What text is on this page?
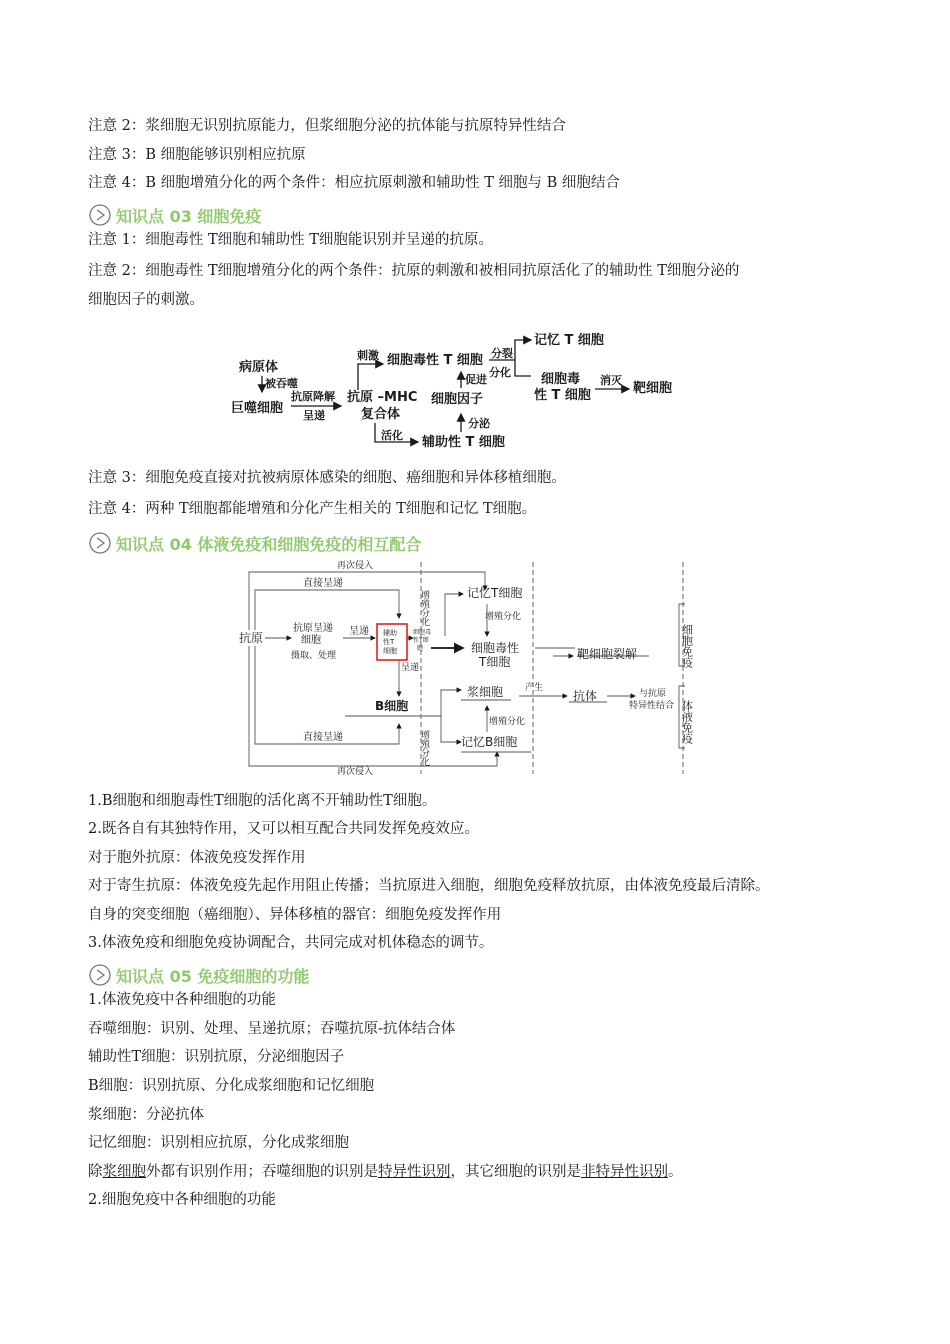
注意 2：浆细胞无识别抗原能力，但浆细胞分泌的抗体能与抗原特异性结合
注意 3：B 细胞能够识别相应抗原
注意 4：B 细胞增殖分化的两个条件：相应抗原刺激和辅助性 T 细胞与 B 细胞结合
知识点 03 细胞免疫
注意 1：细胞毒性 T细胞和辅助性 T细胞能识别并呈递的抗原。
注意 2：细胞毒性 T细胞增殖分化的两个条件：抗原的刺激和被相同抗原活化了的辅助性 T细胞分泌的
细胞因子的刺激。
病原体
被吞噬
巨噬细胞
抗原降解
呈递
抗原 –MHC
复合体
刺激 细胞毒性 T 细胞
活化 辅助性 T 细胞
分泌
细胞因子
促进
分裂
分化
记忆 T 细胞
细胞毒
性 T 细胞
消灭
靶细胞
注意 3：细胞免疫直接对抗被病原体感染的细胞、癌细胞和异体移植细胞。
注意 4：两种 T细胞都能增殖和分化产生相关的 T细胞和记忆 T细胞。
知识点 04 体液免疫和细胞免疫的相互配合
再次侵入
直接呈递
抗原
抗原呈递
细胞
摄取、处理
呈递 辅助
性T
细胞
细胞毒
性T细
胞
增殖分化	记忆T细胞
增殖分化
细胞毒性
T细胞
靶细胞裂解	细胞免疫
呈递
B细胞
浆细胞 产生
抗体	与抗原
特异性结合 体液免疫
增殖分化
记忆B细胞
增殖分化
直接呈递
再次侵入
1.B细胞和细胞毒性T细胞的活化离不开辅助性T细胞。
2.既各自有其独特作用，又可以相互配合共同发挥免疫效应。
对于胞外抗原：体液免疫发挥作用
对于寄生抗原：体液免疫先起作用阻止传播；当抗原进入细胞，细胞免疫释放抗原，由体液免疫最后清除。
自身的突变细胞（癌细胞）、异体移植的器官：细胞免疫发挥作用
3.体液免疫和细胞免疫协调配合，共同完成对机体稳态的调节。
知识点 05 免疫细胞的功能
1.体液免疫中各种细胞的功能
吞噬细胞：识别、处理、呈递抗原；吞噬抗原-抗体结合体
辅助性T细胞：识别抗原，分泌细胞因子
B细胞：识别抗原、分化成浆细胞和记忆细胞
浆细胞：分泌抗体
记忆细胞：识别相应抗原，分化成浆细胞
除浆细胞外都有识别作用；吞噬细胞的识别是特异性识别，其它细胞的识别是非特异性识别。
2.细胞免疫中各种细胞的功能
